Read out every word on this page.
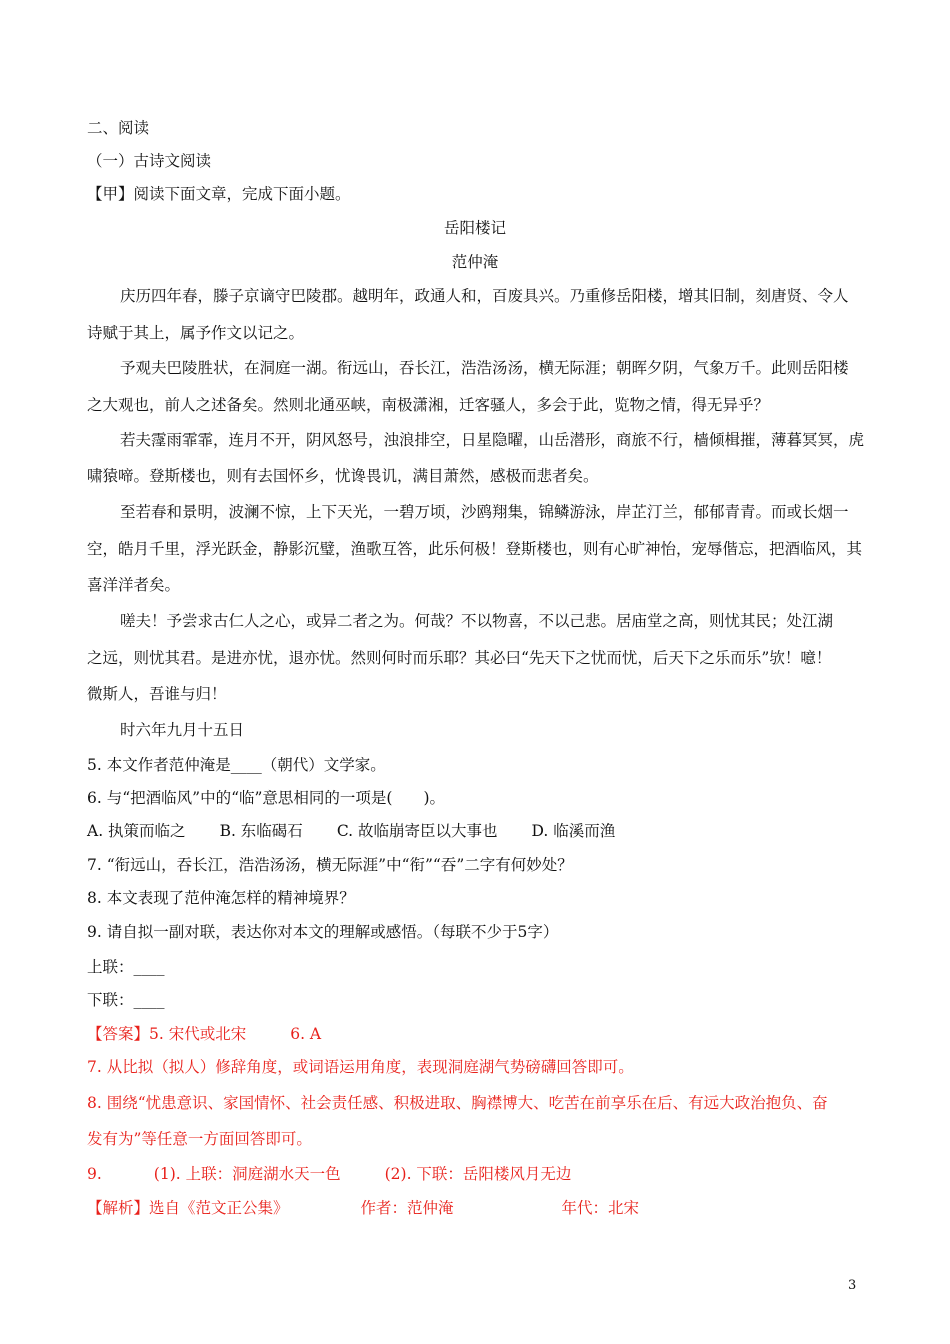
二、阅读
（一）古诗文阅读
【甲】阅读下面文章，完成下面小题。
岳阳楼记
范仲淹
庆历四年春，滕子京谪守巴陵郡。越明年，政通人和，百废具兴。乃重修岳阳楼，增其旧制，刻唐贤、令人
诗赋于其上，属予作文以记之。
予观夫巴陵胜状，在洞庭一湖。衔远山，吞长江，浩浩汤汤，横无际涯；朝晖夕阴，气象万千。此则岳阳楼
之大观也，前人之述备矣。然则北通巫峡，南极潇湘，迁客骚人，多会于此，览物之情，得无异乎？
若夫霪雨霏霏，连月不开，阴风怒号，浊浪排空，日星隐曜，山岳潜形，商旅不行，樯倾楫摧，薄暮冥冥，虎
啸猿啼。登斯楼也，则有去国怀乡，忧谗畏讥，满目萧然，感极而悲者矣。
至若春和景明，波澜不惊，上下天光，一碧万顷，沙鸥翔集，锦鳞游泳，岸芷汀兰，郁郁青青。而或长烟一
空，皓月千里，浮光跃金，静影沉璧，渔歌互答，此乐何极！登斯楼也，则有心旷神怡，宠辱偕忘，把酒临风，其
喜洋洋者矣。
嗟夫！予尝求古仁人之心，或异二者之为。何哉？不以物喜，不以己悲。居庙堂之高，则忧其民；处江湖
之远，则忧其君。是进亦忧，退亦忧。然则何时而乐耶？其必曰“先天下之忧而忧，后天下之乐而乐”欤！噫！
微斯人，吾谁与归！
时六年九月十五日
5. 本文作者范仲淹是____（朝代）文学家。
6. 与“把酒临风”中的“临”意思相同的一项是(　　)。
A. 执策而临之 B. 东临碣石 C. 故临崩寄臣以大事也 D. 临溪而渔
7. “衔远山，吞长江，浩浩汤汤，横无际涯”中“衔”“吞”二字有何妙处？
8. 本文表现了范仲淹怎样的精神境界？
9. 请自拟一副对联，表达你对本文的理解或感悟。（每联不少于5字）
上联：____
下联：____
【答案】5. 宋代或北宋	6. A
7. 从比拟（拟人）修辞角度，或词语运用角度，表现洞庭湖气势磅礴回答即可。
8. 围绕“忧患意识、家国情怀、社会责任感、积极进取、胸襟博大、吃苦在前享乐在后、有远大政治抱负、奋
发有为”等任意一方面回答即可。
9.	(1). 上联：洞庭湖水天一色	(2). 下联：岳阳楼风月无边
【解析】选自《范文正公集》	作者：范仲淹	年代：北宋
3
